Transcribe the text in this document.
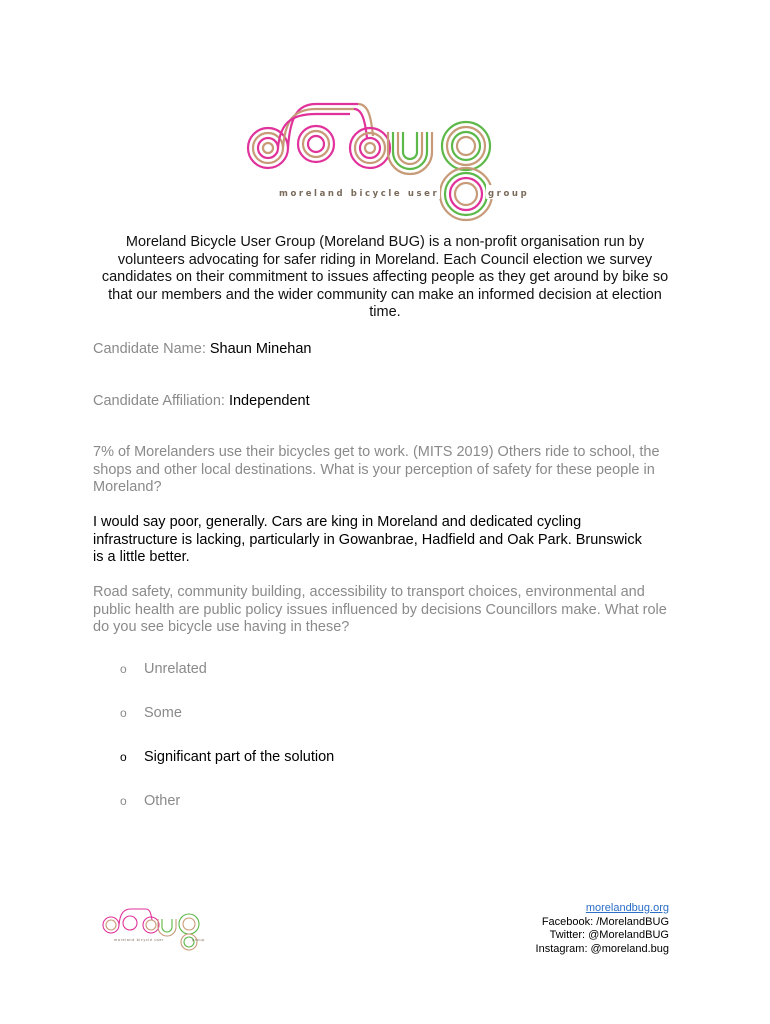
moreland bicycle user	group
Moreland Bicycle User Group (Moreland BUG) is a non-profit organisation run by volunteers advocating for safer riding in Moreland. Each Council election we survey candidates on their commitment to issues affecting people as they get around by bike so that our members and the wider community can make an informed decision at election time.
Candidate Name: Shaun Minehan
Candidate Affiliation: Independent
7% of Morelanders use their bicycles get to work. (MITS 2019) Others ride to school, the shops and other local destinations. What is your perception of safety for these people in Moreland?
I would say poor, generally. Cars are king in Moreland and dedicated cycling infrastructure is lacking, particularly in Gowanbrae, Hadfield and Oak Park. Brunswick is a little better.
Road safety, community building, accessibility to transport choices, environmental and public health are public policy issues influenced by decisions Councillors make. What role do you see bicycle use having in these?
o Unrelated
o Some
o Significant part of the solution
o Other
moreland bicycle user	group
morelandbug.org
Facebook: /MorelandBUG
Twitter: @MorelandBUG
Instagram: @moreland.bug
